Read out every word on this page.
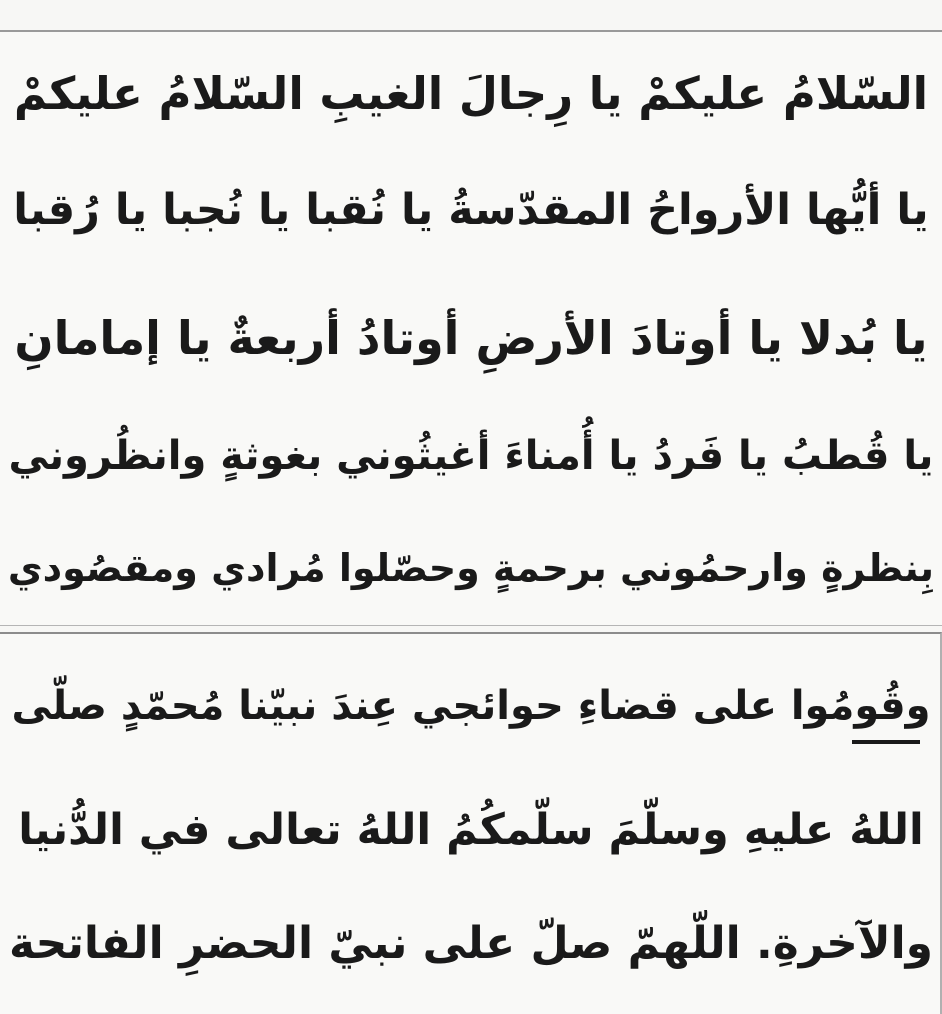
السّلامُ عليكمْ يا رِجالَ الغيبِ السّلامُ عليكمْ
يا أيُّها الأرواحُ المقدّسةُ يا نُقبا يا نُجبا يا رُقبا
يا بُدلا يا أوتادَ الأرضِ أوتادُ أربعةٌ يا إمامانِ
يا قُطبُ يا فَردُ يا أُمناءَ أغيثُوني بغوثةٍ وانظُروني
بِنظرةٍ وارحمُوني برحمةٍ وحصّلوا مُرادي ومقصُودي
وقُومُوا على قضاءِ حوائجي عِندَ نبيّنا مُحمّدٍ صلّى
اللهُ عليهِ وسلّمَ سلّمكُمُ اللهُ تعالى في الدُّنيا
والآخرةِ. اللّهمّ صلّ على نبيّ الحضرِ الفاتحة
